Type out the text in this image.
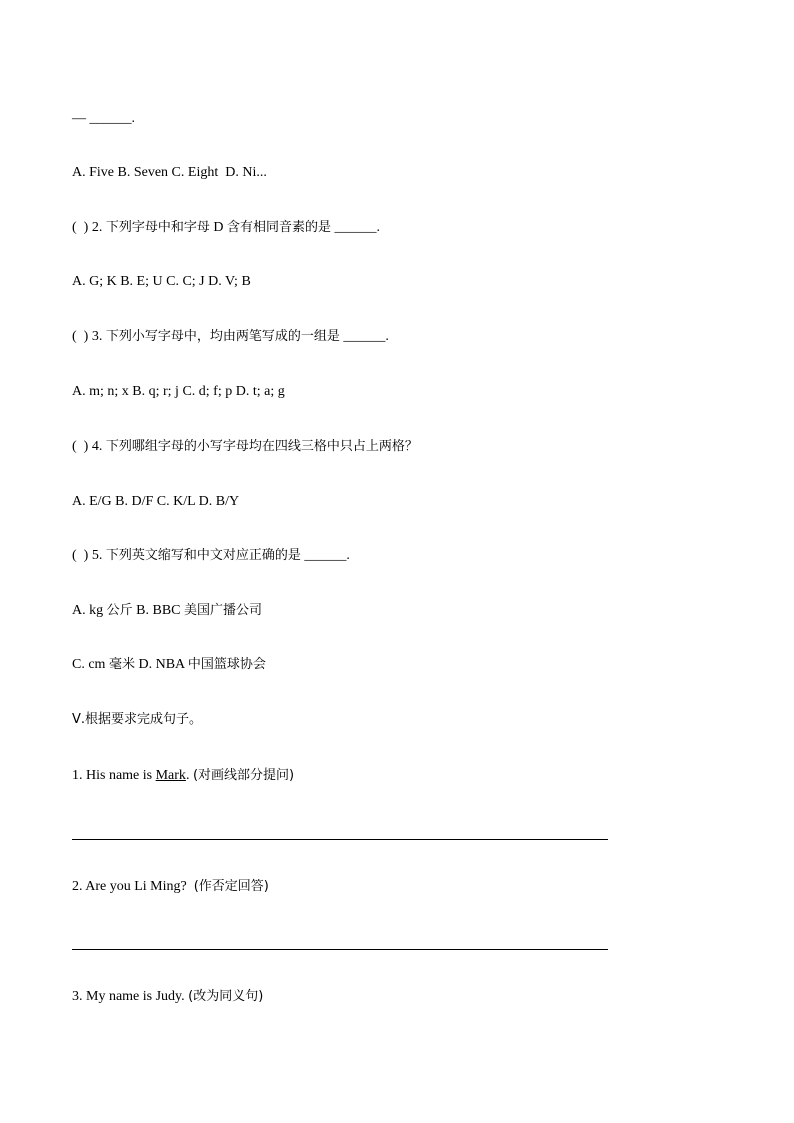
— ______.
A. Five B. Seven C. Eight  D. Ni...
(  ) 2. 下列字母中和字母 D 含有相同音素的是 ______.
A. G; K B. E; U C. C; J D. V; B
(  ) 3. 下列小写字母中，均由两笔写成的一组是 ______.
A. m; n; x B. q; r; j C. d; f; p D. t; a; g
(  ) 4. 下列哪组字母的小写字母均在四线三格中只占上两格？
A. E/G B. D/F C. K/L D. B/Y
(  ) 5. 下列英文缩写和中文对应正确的是 ______.
A. kg 公斤 B. BBC 美国广播公司
C. cm 毫米 D. NBA 中国篮球协会
Ⅴ.根据要求完成句子。
1. His name is Mark. (对画线部分提问)
2. Are you Li Ming?  (作否定回答)
3. My name is Judy. (改为同义句)
